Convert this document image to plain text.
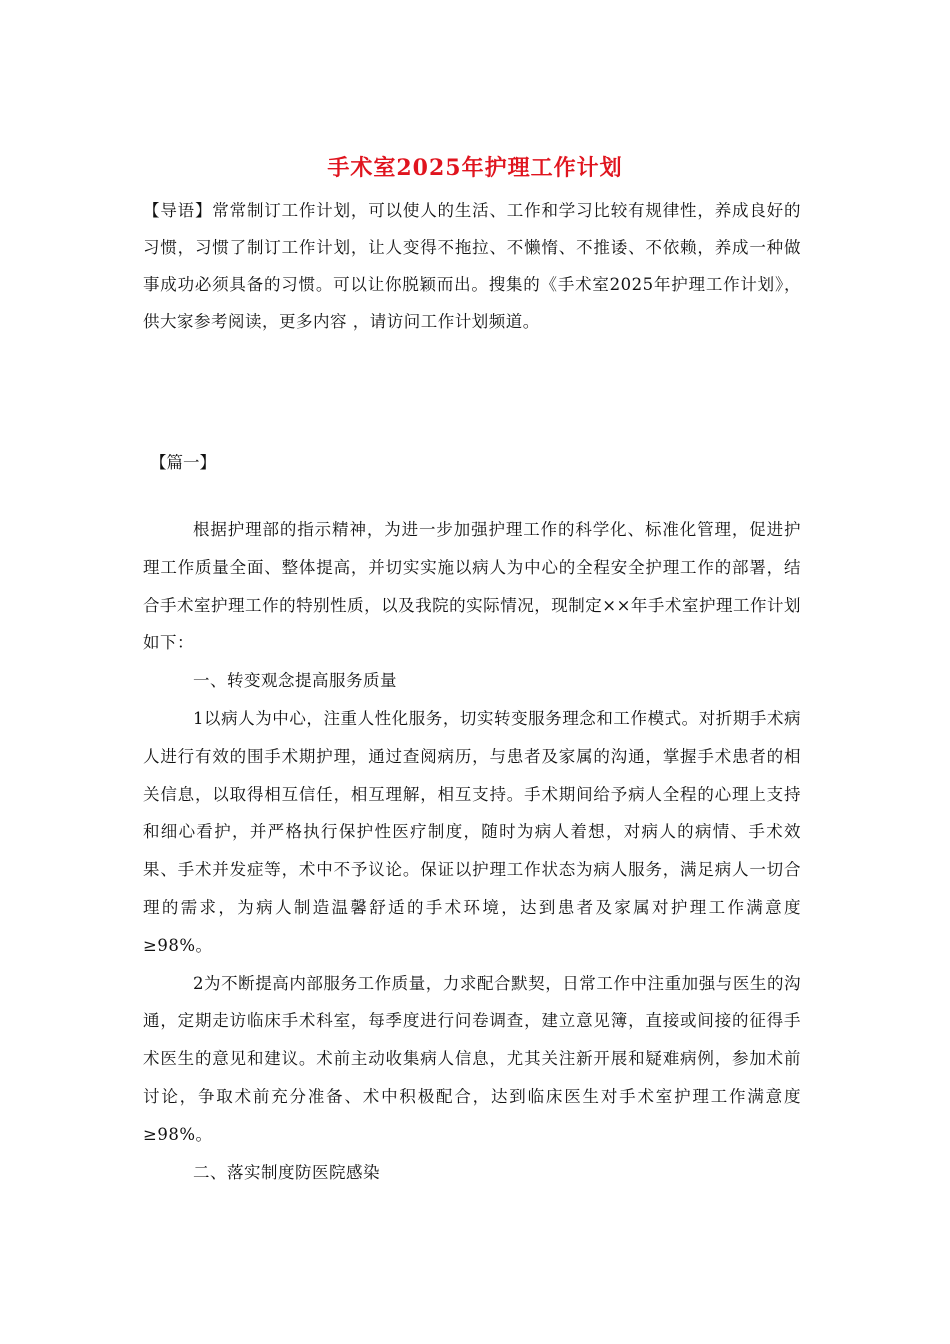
手术室2025年护理工作计划

【导语】常常制订工作计划，可以使人的生活、工作和学习比较有规律性，养成良好的习惯，习惯了制订工作计划，让人变得不拖拉、不懒惰、不推诿、不依赖，养成一种做事成功必须具备的习惯。可以让你脱颖而出。搜集的《手术室2025年护理工作计划》，供大家参考阅读，更多内容 ，请访问工作计划频道。

【篇一】

根据护理部的指示精神，为进一步加强护理工作的科学化、标准化管理，促进护理工作质量全面、整体提高，并切实实施以病人为中心的全程安全护理工作的部署，结合手术室护理工作的特别性质，以及我院的实际情况，现制定××年手术室护理工作计划如下：

一、转变观念提高服务质量

1以病人为中心，注重人性化服务，切实转变服务理念和工作模式。对折期手术病人进行有效的围手术期护理，通过查阅病历，与患者及家属的沟通，掌握手术患者的相关信息，以取得相互信任，相互理解，相互支持。手术期间给予病人全程的心理上支持和细心看护，并严格执行保护性医疗制度，随时为病人着想，对病人的病情、手术效果、手术并发症等，术中不予议论。保证以护理工作状态为病人服务，满足病人一切合理的需求，为病人制造温馨舒适的手术环境，达到患者及家属对护理工作满意度≥98%。

2为不断提高内部服务工作质量，力求配合默契，日常工作中注重加强与医生的沟通，定期走访临床手术科室，每季度进行问卷调查，建立意见簿，直接或间接的征得手术医生的意见和建议。术前主动收集病人信息，尤其关注新开展和疑难病例，参加术前讨论，争取术前充分准备、术中积极配合，达到临床医生对手术室护理工作满意度≥98%。

二、落实制度防医院感染
